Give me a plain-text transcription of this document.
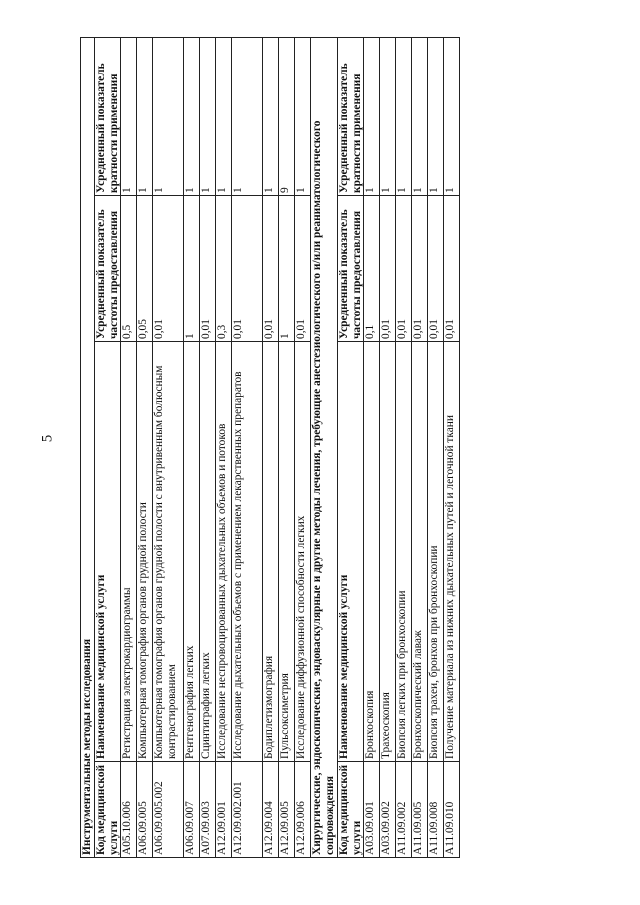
5
Инструментальные методы исследования			
Код медицинской услуги	Наименование медицинской услуги	Усредненный показатель частоты предоставления	Усредненный показатель кратности применения
A05.10.006	Регистрация электрокардиограммы	0,5	1
A06.09.005	Компьютерная томография органов грудной полости	0,05	1
A06.09.005.002	Компьютерная томография органов грудной полости с внутривенным болюсным контрастированием	0,01	1
A06.09.007	Рентгенография легких	1	1
A07.09.003	Сцинтиграфия легких	0,01	1
A12.09.001	Исследование неспровоцированных дыхательных объемов и потоков	0,3	1
A12.09.002.001	Исследование дыхательных объемов с применением лекарственных препаратов	0,01	1
A12.09.004	Бодиплетизмография	0,01	1
A12.09.005	Пульсоксиметрия	1	9
A12.09.006	Исследование диффузионной способности легких	0,01	1
Хирургические, эндоскопические, эндоваскулярные и другие методы лечения, требующие анестезиологического и/или реаниматологического сопровождения			
Код медицинской услуги	Наименование медицинской услуги	Усредненный показатель частоты предоставления	Усредненный показатель кратности применения
A03.09.001	Бронхоскопия	0,1	1
A03.09.002	Трахеоскопия	0,01	1
A11.09.002	Биопсия легких при бронхоскопии	0,01	1
A11.09.005	Бронхоскопический лаваж	0,01	1
A11.09.008	Биопсия трахеи, бронхов при бронхоскопии	0,01	1
A11.09.010	Получение материала из нижних дыхательных путей и легочной ткани	0,01	1
